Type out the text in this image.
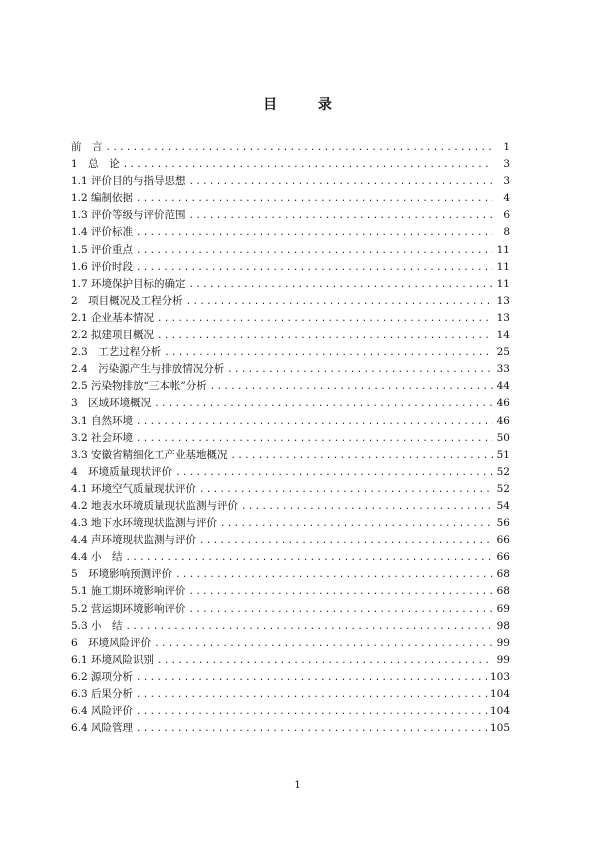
目 录
前　言 .....	1
1　总　论 .....	3
1.1 评价目的与指导思想 .....	3
1.2 编制依据 .....	4
1.3 评价等级与评价范围 .....	6
1.4 评价标准 .....	8
1.5 评价重点 .....	11
1.6 评价时段 .....	11
1.7 环境保护目标的确定 .....	11
2　项目概况及工程分析 .....	13
2.1 企业基本情况 .....	13
2.2 拟建项目概况 .....	14
2.3　工艺过程分析 .....	25
2.4　污染源产生与排放情况分析 .....	33
2.5 污染物排放“三本帐”分析 .....	44
3　区域环境概况 .....	46
3.1 自然环境 .....	46
3.2 社会环境 .....	50
3.3 安徽省精细化工产业基地概况 .....	51
4　环境质量现状评价 .....	52
4.1 环境空气质量现状评价 .....	52
4.2 地表水环境质量现状监测与评价 .....	54
4.3 地下水环境现状监测与评价 .....	56
4.4 声环境现状监测与评价 .....	66
4.4 小　结 .....	66
5　环境影响预测评价 .....	68
5.1 施工期环境影响评价 .....	68
5.2 营运期环境影响评价 .....	69
5.3 小　结 .....	98
6　环境风险评价 .....	99
6.1 环境风险识别 .....	99
6.2 源项分析 .....	103
6.3 后果分析 .....	104
6.4 风险评价 .....	104
6.4 风险管理 .....	105
1
